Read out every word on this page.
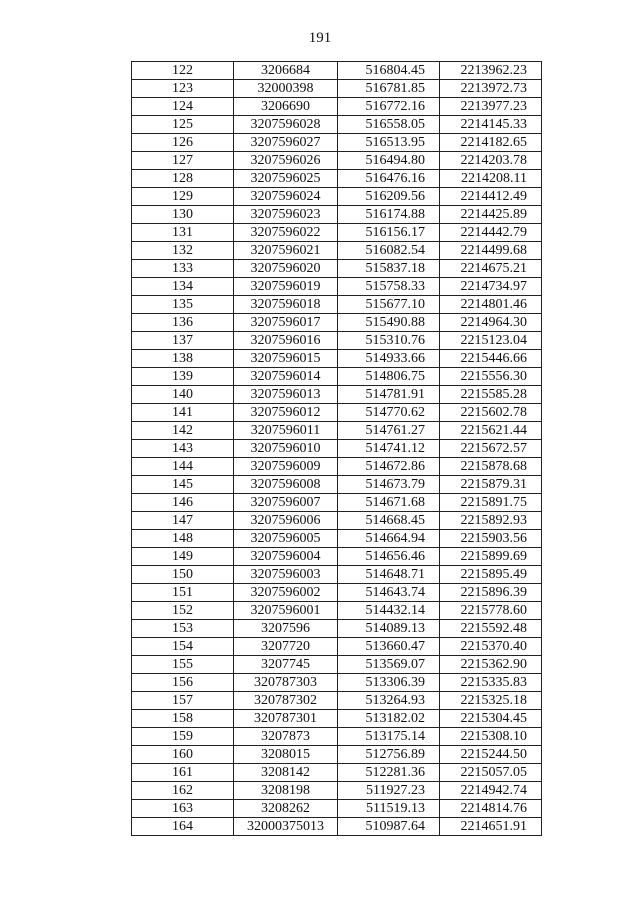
191
122	3206684	516804.45	2213962.23
123	32000398	516781.85	2213972.73
124	3206690	516772.16	2213977.23
125	3207596028	516558.05	2214145.33
126	3207596027	516513.95	2214182.65
127	3207596026	516494.80	2214203.78
128	3207596025	516476.16	2214208.11
129	3207596024	516209.56	2214412.49
130	3207596023	516174.88	2214425.89
131	3207596022	516156.17	2214442.79
132	3207596021	516082.54	2214499.68
133	3207596020	515837.18	2214675.21
134	3207596019	515758.33	2214734.97
135	3207596018	515677.10	2214801.46
136	3207596017	515490.88	2214964.30
137	3207596016	515310.76	2215123.04
138	3207596015	514933.66	2215446.66
139	3207596014	514806.75	2215556.30
140	3207596013	514781.91	2215585.28
141	3207596012	514770.62	2215602.78
142	3207596011	514761.27	2215621.44
143	3207596010	514741.12	2215672.57
144	3207596009	514672.86	2215878.68
145	3207596008	514673.79	2215879.31
146	3207596007	514671.68	2215891.75
147	3207596006	514668.45	2215892.93
148	3207596005	514664.94	2215903.56
149	3207596004	514656.46	2215899.69
150	3207596003	514648.71	2215895.49
151	3207596002	514643.74	2215896.39
152	3207596001	514432.14	2215778.60
153	3207596	514089.13	2215592.48
154	3207720	513660.47	2215370.40
155	3207745	513569.07	2215362.90
156	320787303	513306.39	2215335.83
157	320787302	513264.93	2215325.18
158	320787301	513182.02	2215304.45
159	3207873	513175.14	2215308.10
160	3208015	512756.89	2215244.50
161	3208142	512281.36	2215057.05
162	3208198	511927.23	2214942.74
163	3208262	511519.13	2214814.76
164	32000375013	510987.64	2214651.91
